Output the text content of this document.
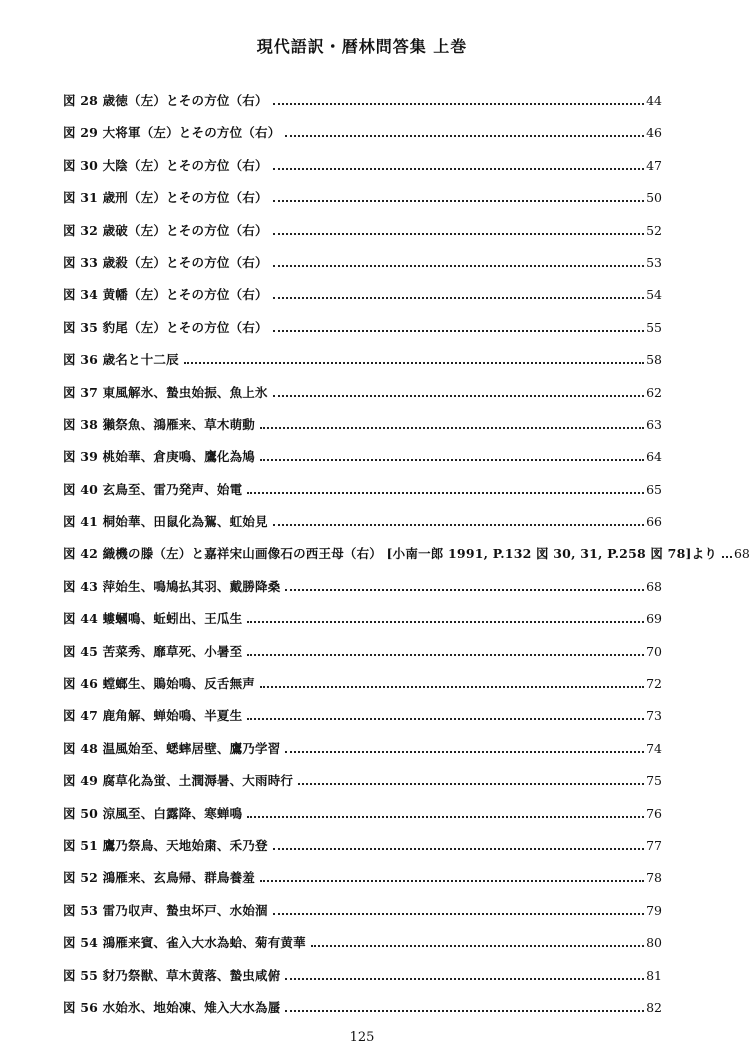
現代語訳・暦林問答集 上巻
図 28 歳徳（左）とその方位（右）	44
図 29 大将軍（左）とその方位（右）	46
図 30 大陰（左）とその方位（右）	47
図 31 歳刑（左）とその方位（右）	50
図 32 歳破（左）とその方位（右）	52
図 33 歳殺（左）とその方位（右）	53
図 34 黄幡（左）とその方位（右）	54
図 35 豹尾（左）とその方位（右）	55
図 36 歳名と十二辰	58
図 37 東風解氷、蟄虫始振、魚上氷	62
図 38 獺祭魚、鴻雁来、草木萌動	63
図 39 桃始華、倉庚鳴、鷹化為鳩	64
図 40 玄鳥至、雷乃発声、始電	65
図 41 桐始華、田鼠化為鴽、虹始見	66
図 42 織機の滕（左）と嘉祥宋山画像石の西王母（右） [小南一郎 1991, P.132 図 30, 31, P.258 図 78]より 68
図 43 萍始生、鳴鳩払其羽、戴勝降桑	68
図 44 螻蟈鳴、蚯蚓出、王瓜生	69
図 45 苦菜秀、靡草死、小暑至	70
図 46 螳螂生、鵙始鳴、反舌無声	72
図 47 鹿角解、蝉始鳴、半夏生	73
図 48 温風始至、蟋蟀居壁、鷹乃学習	74
図 49 腐草化為蛍、土潤溽暑、大雨時行	75
図 50 涼風至、白露降、寒蝉鳴	76
図 51 鷹乃祭鳥、天地始粛、禾乃登	77
図 52 鴻雁来、玄鳥帰、群鳥養羞	78
図 53 雷乃収声、蟄虫坏戸、水始涸	79
図 54 鴻雁来賓、雀入大水為蛤、菊有黄華	80
図 55 豺乃祭獣、草木黄落、蟄虫咸俯	81
図 56 水始氷、地始凍、雉入大水為蜃	82
125
